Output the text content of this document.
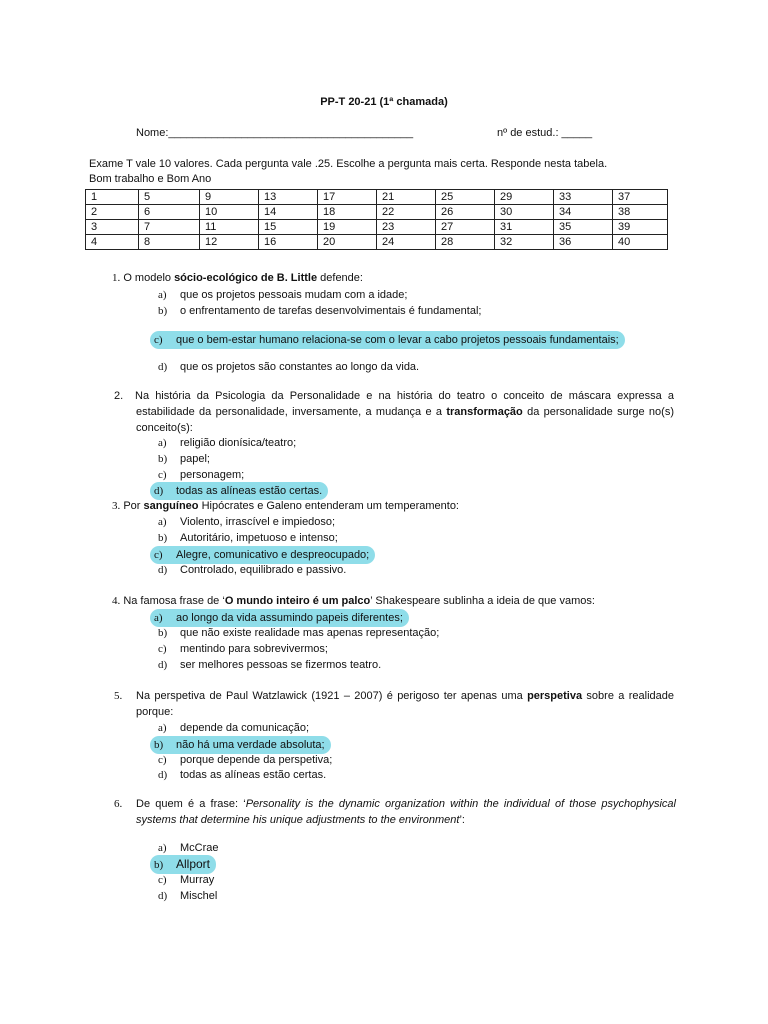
PP-T 20-21 (1ª chamada)
Nome:________________________________________	nº de estud.: _____
Exame T vale 10 valores. Cada pergunta vale .25. Escolhe a pergunta mais certa. Responde nesta tabela.
Bom trabalho e Bom Ano
1	5	9	13	17	21	25	29	33	37
2	6	10	14	18	22	26	30	34	38
3	7	11	15	19	23	27	31	35	39
4	8	12	16	20	24	28	32	36	40
1. O modelo sócio-ecológico de B. Little defende:
a)	que os projetos pessoais mudam com a idade;
b)	o enfrentamento de tarefas desenvolvimentais é fundamental;
c) que o bem-estar humano relaciona-se com o levar a cabo projetos pessoais fundamentais;
d)	que os projetos são constantes ao longo da vida.
2. Na história da Psicologia da Personalidade e na história do teatro o conceito de máscara expressa a estabilidade da personalidade, inversamente, a mudança e a transformação da personalidade surge no(s) conceito(s):
a)	religião dionísica/teatro;
b)	papel;
c)	personagem;
d) todas as alíneas estão certas.
3. Por sanguíneo Hipócrates e Galeno entenderam um temperamento:
a)	Violento, irrascível e impiedoso;
b)	Autoritário, impetuoso e intenso;
c) Alegre, comunicativo e despreocupado;
d)	Controlado, equilibrado e passivo.
4. Na famosa frase de ‘O mundo inteiro é um palco’ Shakespeare sublinha a ideia de que vamos:
a) ao longo da vida assumindo papeis diferentes;
b)	que não existe realidade mas apenas representação;
c)	mentindo para sobrevivermos;
d)	ser melhores pessoas se fizermos teatro.
5. Na perspetiva de Paul Watzlawick (1921 – 2007) é perigoso ter apenas uma perspetiva sobre a realidade porque:
a)	depende da comunicação;
b) não há uma verdade absoluta;
c)	porque depende da perspetiva;
d)	todas as alíneas estão certas.
6. De quem é a frase: ‘Personality is the dynamic organization within the individual of those psychophysical systems that determine his unique adjustments to the environment’:
a)	McCrae
b) Allport
c)	Murray
d)	Mischel
